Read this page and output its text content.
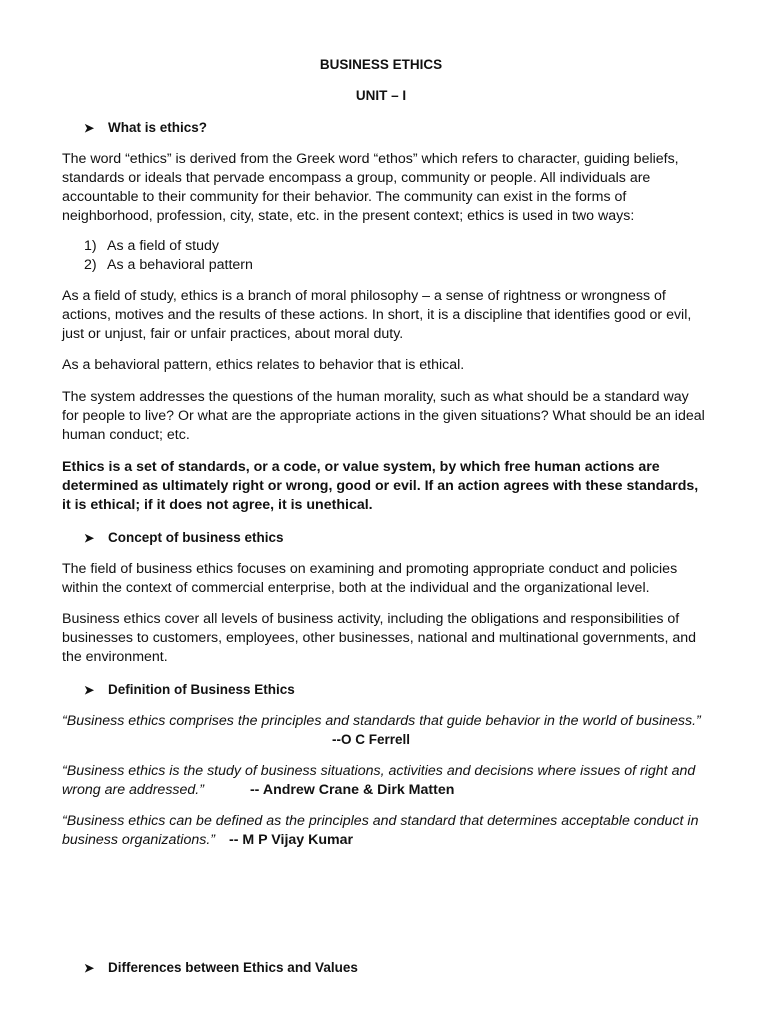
BUSINESS ETHICS
UNIT – I
➤ What is ethics?

The word “ethics” is derived from the Greek word “ethos” which refers to character, guiding beliefs, standards or ideals that pervade encompass a group, community or people. All individuals are accountable to their community for their behavior. The community can exist in the forms of neighborhood, profession, city, state, etc. in the present context; ethics is used in two ways:

1) As a field of study
2) As a behavioral pattern

As a field of study, ethics is a branch of moral philosophy – a sense of rightness or wrongness of actions, motives and the results of these actions. In short, it is a discipline that identifies good or evil, just or unjust, fair or unfair practices, about moral duty.

As a behavioral pattern, ethics relates to behavior that is ethical.

The system addresses the questions of the human morality, such as what should be a standard way for people to live? Or what are the appropriate actions in the given situations? What should be an ideal human conduct; etc.

Ethics is a set of standards, or a code, or value system, by which free human actions are determined as ultimately right or wrong, good or evil. If an action agrees with these standards, it is ethical; if it does not agree, it is unethical.

➤ Concept of business ethics

The field of business ethics focuses on examining and promoting appropriate conduct and policies within the context of commercial enterprise, both at the individual and the organizational level.

Business ethics cover all levels of business activity, including the obligations and responsibilities of businesses to customers, employees, other businesses, national and multinational governments, and the environment.

➤ Definition of Business Ethics

“Business ethics comprises the principles and standards that guide behavior in the world of business.”

--O C Ferrell

“Business ethics is the study of business situations, activities and decisions where issues of right and wrong are addressed.”	-- Andrew Crane & Dirk Matten

“Business ethics can be defined as the principles and standard that determines acceptable conduct in business organizations.” -- M P Vijay Kumar

➤ Differences between Ethics and Values
